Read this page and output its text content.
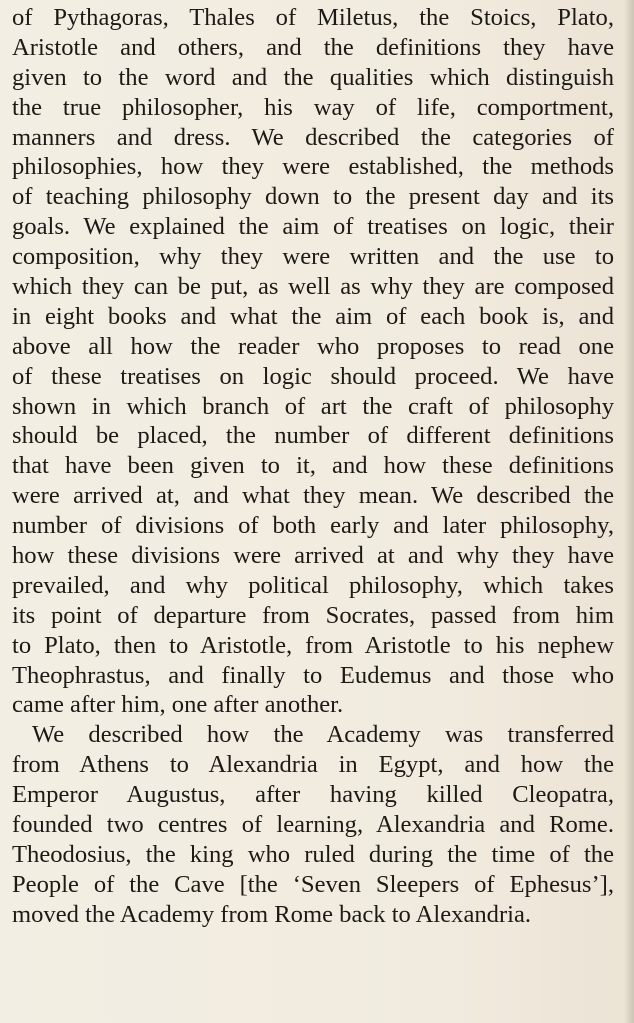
of Pythagoras, Thales of Miletus, the Stoics, Plato,
Aristotle and others, and the definitions they have
given to the word and the qualities which distinguish
the true philosopher, his way of life, comportment,
manners and dress. We described the categories of
philosophies, how they were established, the methods
of teaching philosophy down to the present day and its
goals. We explained the aim of treatises on logic, their
composition, why they were written and the use to
which they can be put, as well as why they are composed
in eight books and what the aim of each book is, and
above all how the reader who proposes to read one
of these treatises on logic should proceed. We have
shown in which branch of art the craft of philosophy
should be placed, the number of different definitions
that have been given to it, and how these definitions
were arrived at, and what they mean. We described the
number of divisions of both early and later philosophy,
how these divisions were arrived at and why they have
prevailed, and why political philosophy, which takes
its point of departure from Socrates, passed from him
to Plato, then to Aristotle, from Aristotle to his nephew
Theophrastus, and finally to Eudemus and those who
came after him, one after another.
We described how the Academy was transferred
from Athens to Alexandria in Egypt, and how the
Emperor Augustus, after having killed Cleopatra,
founded two centres of learning, Alexandria and Rome.
Theodosius, the king who ruled during the time of the
People of the Cave [the ‘Seven Sleepers of Ephesus’],
moved the Academy from Rome back to Alexandria.
